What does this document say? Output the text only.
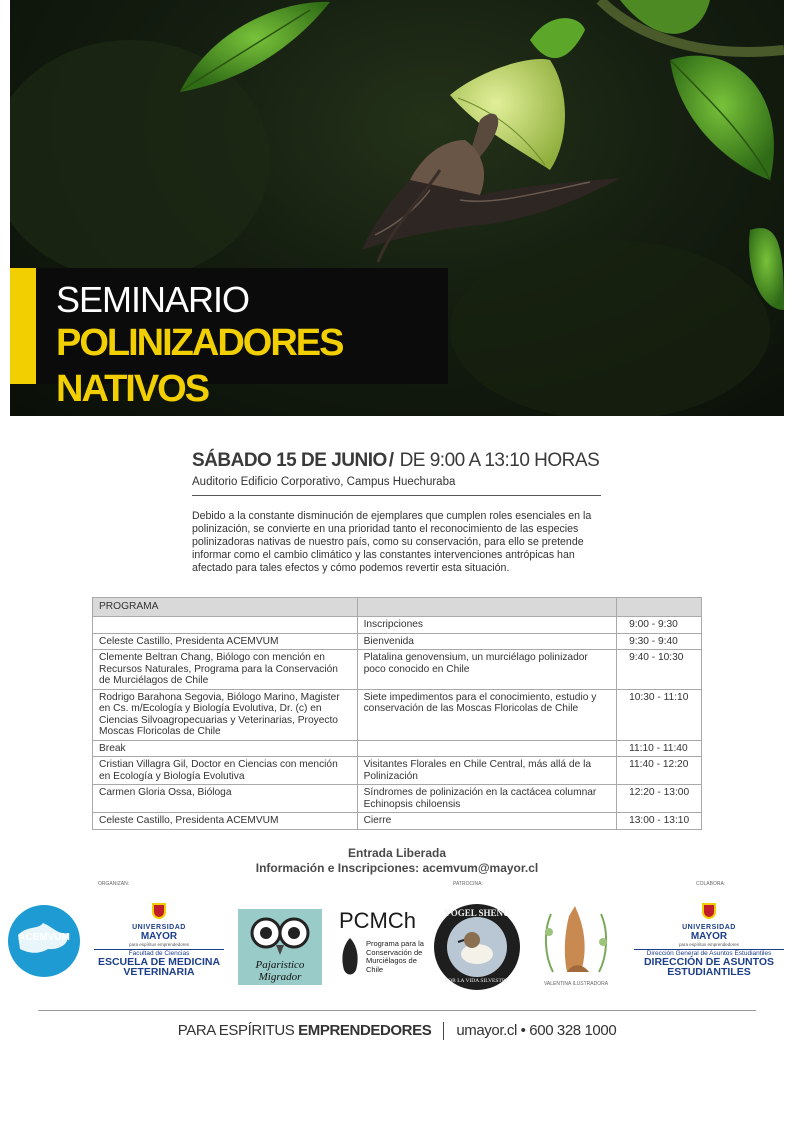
SEMINARIO
POLINIZADORES NATIVOS
SÁBADO 15 DE JUNIO / DE 9:00 A 13:10 HORAS
Auditorio Edificio Corporativo, Campus Huechuraba
Debido a la constante disminución de ejemplares que cumplen roles esenciales en la polinización, se convierte en una prioridad tanto el reconocimiento de las especies polinizadoras nativas de nuestro país, como su conservación, para ello se pretende informar como el cambio climático y las constantes intervenciones antrópicas han afectado para tales efectos y cómo podemos revertir esta situación.
PROGRAMA		
	Inscripciones	9:00 - 9:30
Celeste Castillo, Presidenta ACEMVUM	Bienvenida	9:30 - 9:40
Clemente Beltran Chang, Biólogo con mención en Recursos Naturales, Programa para la Conservación de Murciélagos de Chile	Platalina genovensium, un murciélago polinizador poco conocido en Chile	9:40 - 10:30
Rodrigo Barahona Segovia, Biólogo Marino, Magister en Cs. m/Ecología y Biología Evolutiva, Dr. (c) en Ciencias Silvoagropecuarias y Veterinarias, Proyecto Moscas Floricolas de Chile	Siete impedimentos para el conocimiento, estudio y conservación de las Moscas Floricolas de Chile	10:30 - 11:10
Break		11:10 - 11:40
Cristian Villagra Gil, Doctor en Ciencias con mención en Ecología y Biología Evolutiva	Visitantes Florales en Chile Central, más allá de la Polinización	11:40 - 12:20
Carmen Gloria Ossa, Bióloga	Síndromes de polinización en la cactácea columnar Echinopsis chiloensis	12:20 - 13:00
Celeste Castillo, Presidenta ACEMVUM	Cierre	13:00 - 13:10
Entrada Liberada
Información e Inscripciones: acemvum@mayor.cl
ORGANIZAN:	PATROCINA:	COLABORA:
ACEMVUM
UNIVERSIDAD
MAYOR
para espíritus emprendedores
Facultad de Ciencias
ESCUELA DE MEDICINA VETERINARIA
Pajaristico Migrador
PCMCh
Programa para la Conservación de Murciélagos de Chile
VOGEL SHENU
POR LA VIDA SILVESTRE	VALENTINA ILUSTRADORA
UNIVERSIDAD
MAYOR
para espíritus emprendedores
Dirección General de Asuntos Estudiantiles
DIRECCIÓN DE ASUNTOS ESTUDIANTILES
PARA ESPÍRITUS EMPRENDEDORES umayor.cl • 600 328 1000
